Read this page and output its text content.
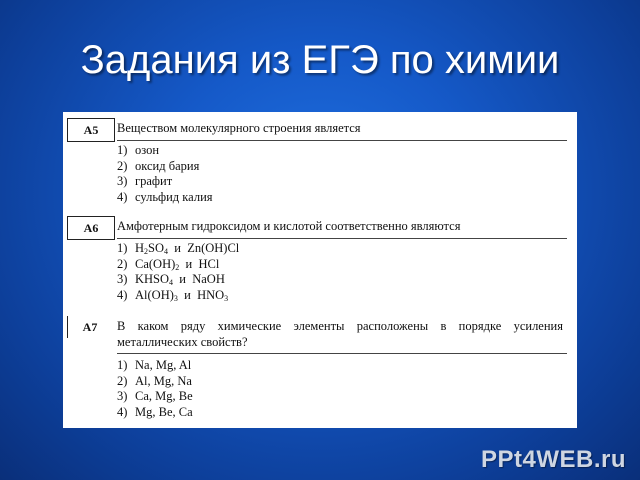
Задания из ЕГЭ по химии
А5	Веществом молекулярного строения является
1) озон
2) оксид бария
3) графит
4) сульфид калия
А6	Амфотерным гидроксидом и кислотой соответственно являются
1) $H_2SO_4$  и  Zn(OH)Cl
2) $Ca(OH)_2$  и  HCl
3) $KHSO_4$  и  NaOH
4) $Al(OH)_3$  и  $HNO_3$
А7	В каком ряду химические элементы расположены в порядке усиления металлических свойств?
1) Na, Mg, Al
2) Al, Mg, Na
3) Ca, Mg, Be
4) Mg, Be, Ca
PPt4WEB.ru
